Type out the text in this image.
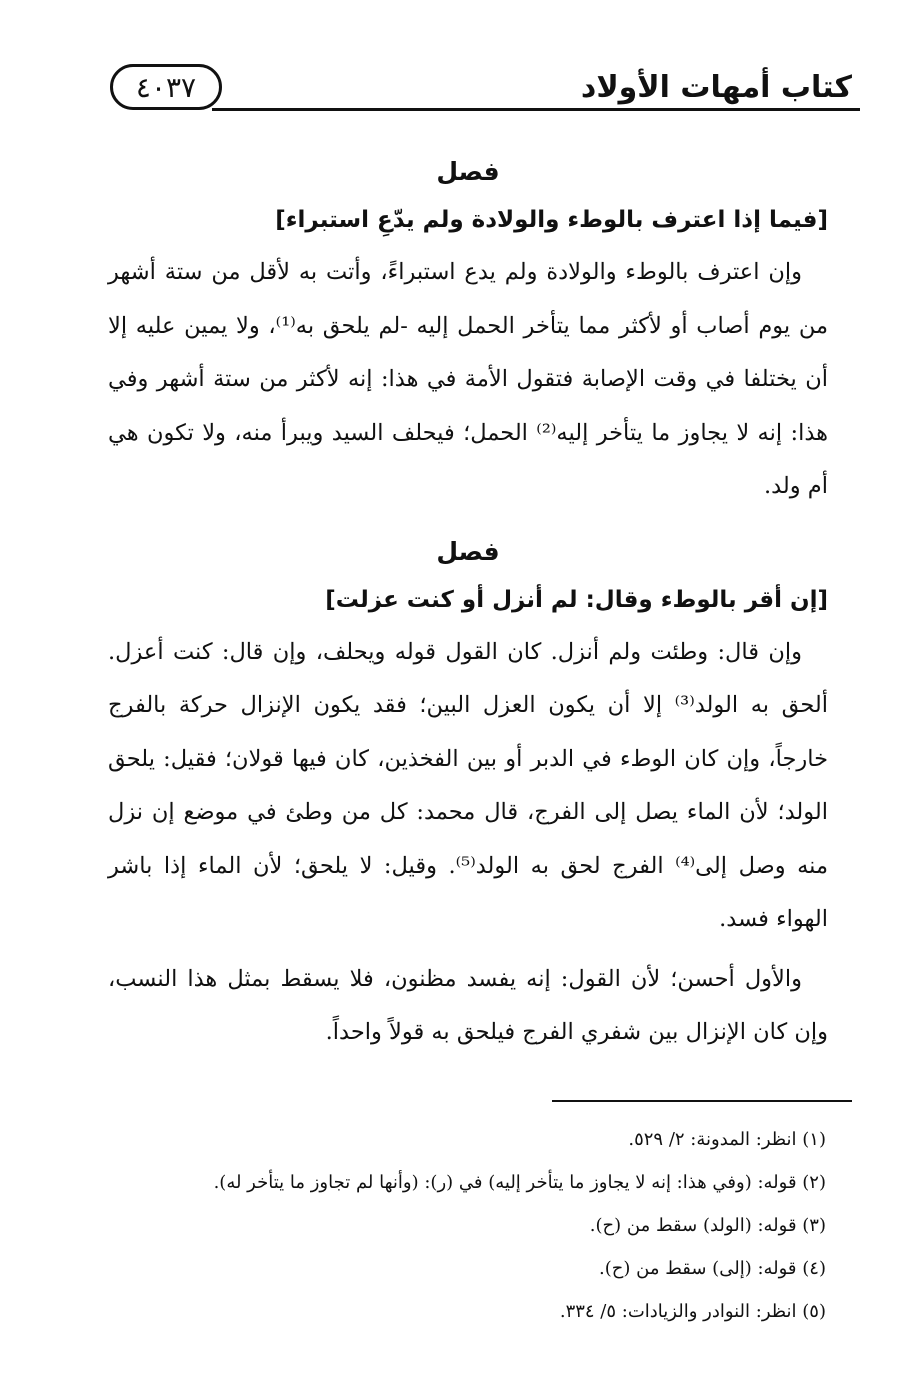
٤٠٣٧	كتاب أمهات الأولاد
فصل
[فيما إذا اعترف بالوطء والولادة ولم يدّعِ استبراء]

وإن اعترف بالوطء والولادة ولم يدع استبراءً، وأتت به لأقل من ستة أشهر من يوم أصاب أو لأكثر مما يتأخر الحمل إليه -لم يلحق به⁽¹⁾، ولا يمين عليه إلا أن يختلفا في وقت الإصابة فتقول الأمة في هذا: إنه لأكثر من ستة أشهر وفي هذا: إنه لا يجاوز ما يتأخر إليه⁽²⁾ الحمل؛ فيحلف السيد ويبرأ منه، ولا تكون هي أم ولد.

فصل
[إن أقر بالوطء وقال: لم أنزل أو كنت عزلت]

وإن قال: وطئت ولم أنزل. كان القول قوله ويحلف، وإن قال: كنت أعزل. ألحق به الولد⁽³⁾ إلا أن يكون العزل البين؛ فقد يكون الإنزال حركة بالفرج خارجاً، وإن كان الوطء في الدبر أو بين الفخذين، كان فيها قولان؛ فقيل: يلحق الولد؛ لأن الماء يصل إلى الفرج، قال محمد: كل من وطئ في موضع إن نزل منه وصل إلى⁽⁴⁾ الفرج لحق به الولد⁽⁵⁾. وقيل: لا يلحق؛ لأن الماء إذا باشر الهواء فسد.

والأول أحسن؛ لأن القول: إنه يفسد مظنون، فلا يسقط بمثل هذا النسب، وإن كان الإنزال بين شفري الفرج فيلحق به قولاً واحداً.

(١) انظر: المدونة: ٢/ ٥٢٩.
(٢) قوله: (وفي هذا: إنه لا يجاوز ما يتأخر إليه) في (ر): (وأنها لم تجاوز ما يتأخر له).
(٣) قوله: (الولد) سقط من (ح).
(٤) قوله: (إلى) سقط من (ح).
(٥) انظر: النوادر والزيادات: ٥/ ٣٣٤.
